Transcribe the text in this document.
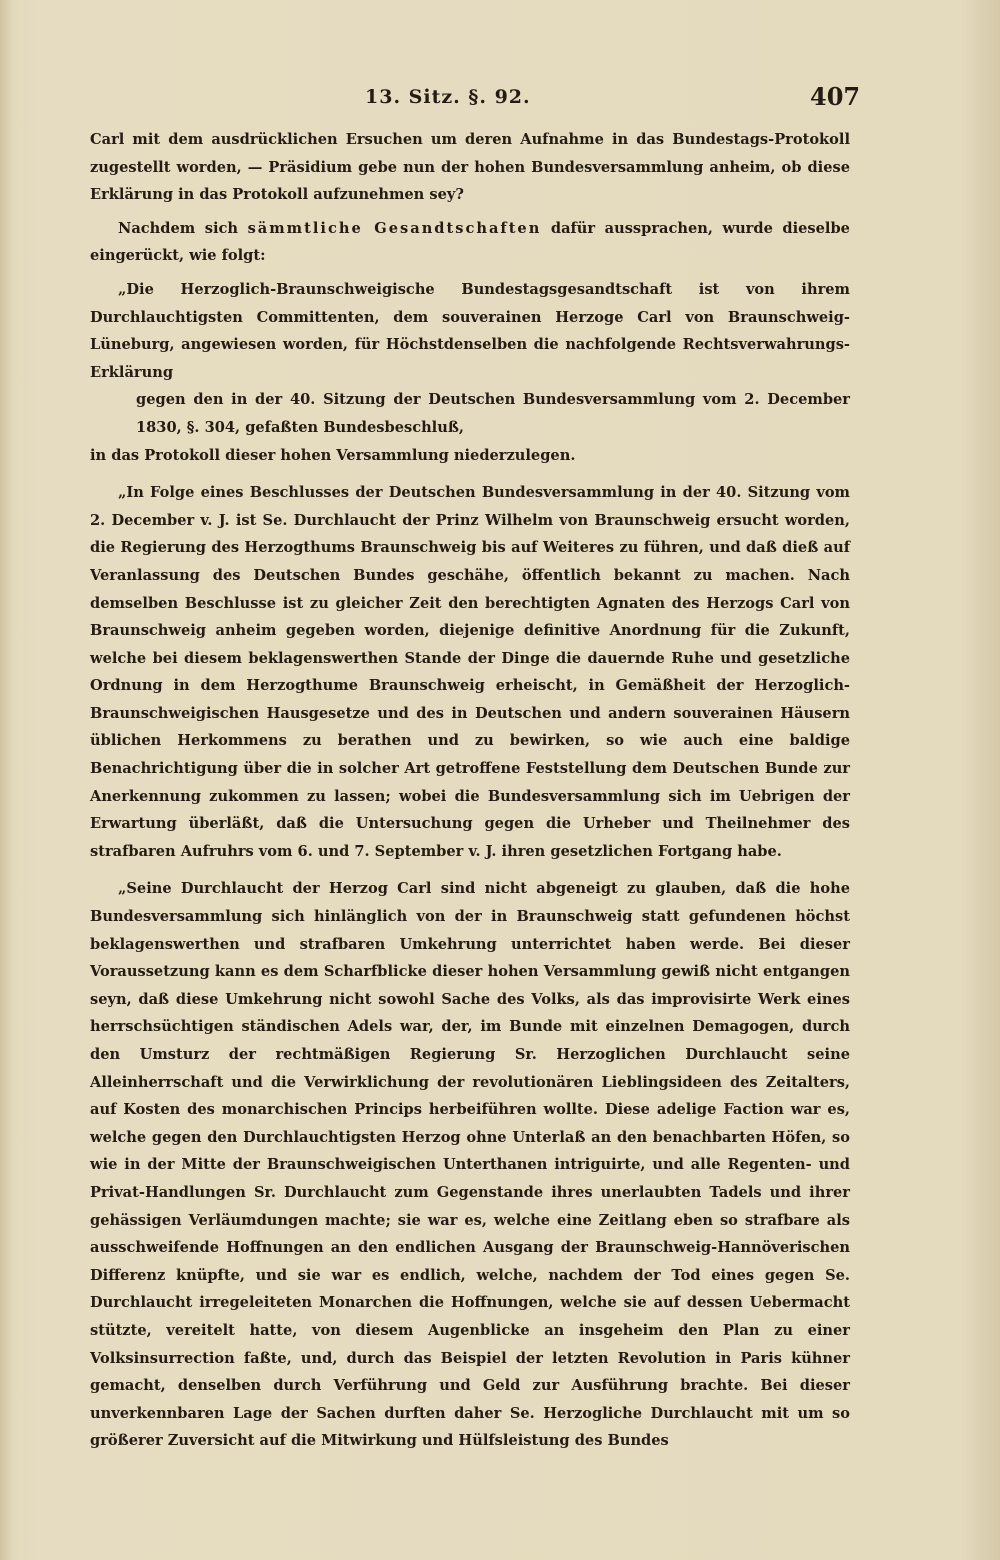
13. Sitz. §. 92.	407

Carl mit dem ausdrücklichen Ersuchen um deren Aufnahme in das Bundestags-Protokoll zugestellt worden, — Präsidium gebe nun der hohen Bundesversammlung anheim, ob diese Erklärung in das Protokoll aufzunehmen sey?

Nachdem sich sämmtliche Gesandtschaften dafür aussprachen, wurde dieselbe eingerückt, wie folgt:

„Die Herzoglich-Braunschweigische Bundestagsgesandtschaft ist von ihrem Durchlauchtigsten Committenten, dem souverainen Herzoge Carl von Braunschweig-Lüneburg, angewiesen worden, für Höchstdenselben die nachfolgende Rechtsverwahrungs-Erklärung

gegen den in der 40. Sitzung der Deutschen Bundesversammlung vom 2. December 1830, §. 304, gefaßten Bundesbeschluß,

in das Protokoll dieser hohen Versammlung niederzulegen.

„In Folge eines Beschlusses der Deutschen Bundesversammlung in der 40. Sitzung vom 2. December v. J. ist Se. Durchlaucht der Prinz Wilhelm von Braunschweig ersucht worden, die Regierung des Herzogthums Braunschweig bis auf Weiteres zu führen, und daß dieß auf Veranlassung des Deutschen Bundes geschähe, öffentlich bekannt zu machen. Nach demselben Beschlusse ist zu gleicher Zeit den berechtigten Agnaten des Herzogs Carl von Braunschweig anheim gegeben worden, diejenige definitive Anordnung für die Zukunft, welche bei diesem beklagenswerthen Stande der Dinge die dauernde Ruhe und gesetzliche Ordnung in dem Herzogthume Braunschweig erheischt, in Gemäßheit der Herzoglich-Braunschweigischen Hausgesetze und des in Deutschen und andern souverainen Häusern üblichen Herkommens zu berathen und zu bewirken, so wie auch eine baldige Benachrichtigung über die in solcher Art getroffene Feststellung dem Deutschen Bunde zur Anerkennung zukommen zu lassen; wobei die Bundesversammlung sich im Uebrigen der Erwartung überläßt, daß die Untersuchung gegen die Urheber und Theilnehmer des strafbaren Aufruhrs vom 6. und 7. September v. J. ihren gesetzlichen Fortgang habe.

„Seine Durchlaucht der Herzog Carl sind nicht abgeneigt zu glauben, daß die hohe Bundesversammlung sich hinlänglich von der in Braunschweig statt gefundenen höchst beklagenswerthen und strafbaren Umkehrung unterrichtet haben werde. Bei dieser Voraussetzung kann es dem Scharfblicke dieser hohen Versammlung gewiß nicht entgangen seyn, daß diese Umkehrung nicht sowohl Sache des Volks, als das improvisirte Werk eines herrschsüchtigen ständischen Adels war, der, im Bunde mit einzelnen Demagogen, durch den Umsturz der rechtmäßigen Regierung Sr. Herzoglichen Durchlaucht seine Alleinherrschaft und die Verwirklichung der revolutionären Lieblingsideen des Zeitalters, auf Kosten des monarchischen Princips herbeiführen wollte. Diese adelige Faction war es, welche gegen den Durchlauchtigsten Herzog ohne Unterlaß an den benachbarten Höfen, so wie in der Mitte der Braunschweigischen Unterthanen intriguirte, und alle Regenten- und Privat-Handlungen Sr. Durchlaucht zum Gegenstande ihres unerlaubten Tadels und ihrer gehässigen Verläumdungen machte; sie war es, welche eine Zeitlang eben so strafbare als ausschweifende Hoffnungen an den endlichen Ausgang der Braunschweig-Hannöverischen Differenz knüpfte, und sie war es endlich, welche, nachdem der Tod eines gegen Se. Durchlaucht irregeleiteten Monarchen die Hoffnungen, welche sie auf dessen Uebermacht stützte, vereitelt hatte, von diesem Augenblicke an insgeheim den Plan zu einer Volksinsurrection faßte, und, durch das Beispiel der letzten Revolution in Paris kühner gemacht, denselben durch Verführung und Geld zur Ausführung brachte. Bei dieser unverkennbaren Lage der Sachen durften daher Se. Herzogliche Durchlaucht mit um so größerer Zuversicht auf die Mitwirkung und Hülfsleistung des Bundes
